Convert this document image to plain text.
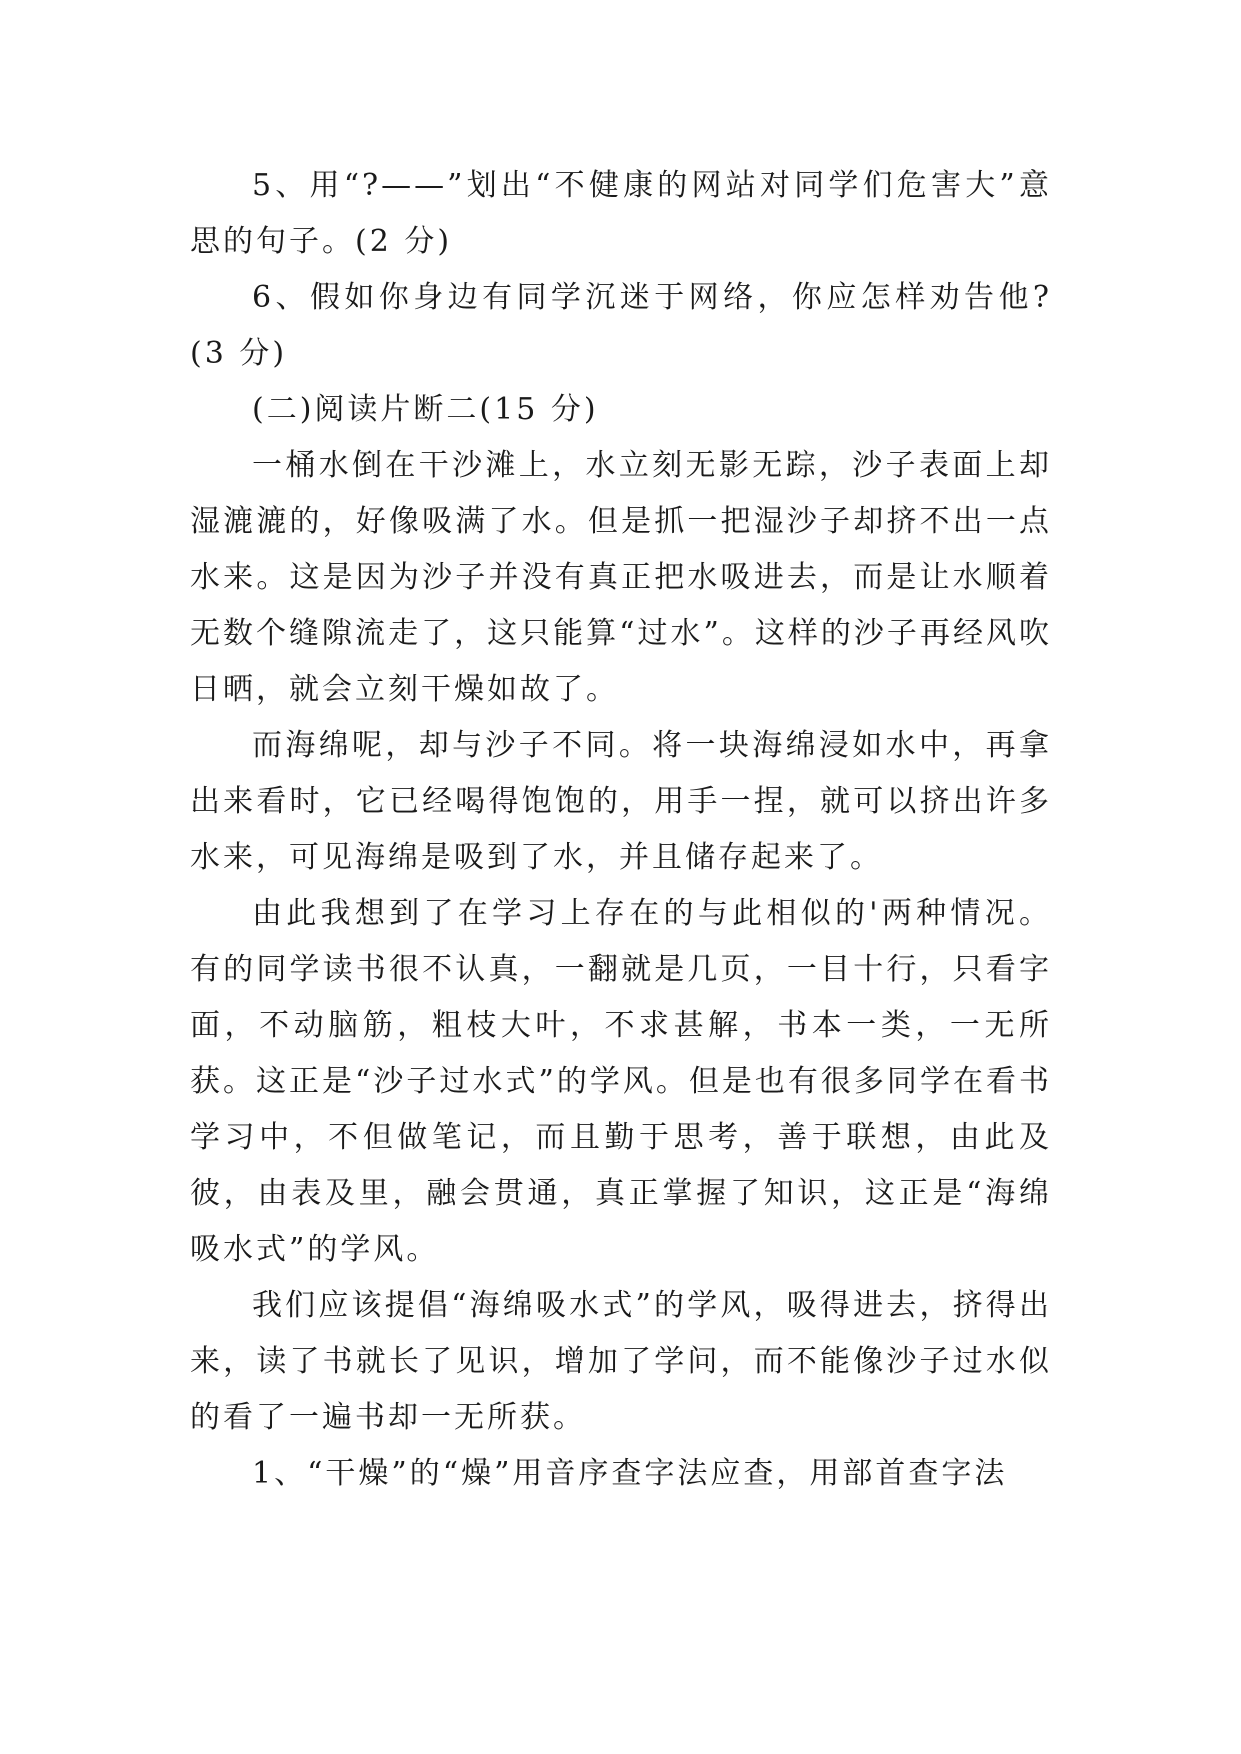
5、用“?——”划出“不健康的网站对同学们危害大”意思的句子。(2 分)

6、假如你身边有同学沉迷于网络，你应怎样劝告他?(3 分)

(二)阅读片断二(15 分)

一桶水倒在干沙滩上，水立刻无影无踪，沙子表面上却湿漉漉的，好像吸满了水。但是抓一把湿沙子却挤不出一点水来。这是因为沙子并没有真正把水吸进去，而是让水顺着无数个缝隙流走了，这只能算“过水”。这样的沙子再经风吹日晒，就会立刻干燥如故了。

而海绵呢，却与沙子不同。将一块海绵浸如水中，再拿出来看时，它已经喝得饱饱的，用手一捏，就可以挤出许多水来，可见海绵是吸到了水，并且储存起来了。

由此我想到了在学习上存在的与此相似的'两种情况。有的同学读书很不认真，一翻就是几页，一目十行，只看字面，不动脑筋，粗枝大叶，不求甚解，书本一类，一无所获。这正是“沙子过水式”的学风。但是也有很多同学在看书学习中，不但做笔记，而且勤于思考，善于联想，由此及彼，由表及里，融会贯通，真正掌握了知识，这正是“海绵吸水式”的学风。

我们应该提倡“海绵吸水式”的学风，吸得进去，挤得出来，读了书就长了见识，增加了学问，而不能像沙子过水似的看了一遍书却一无所获。

1、“干燥”的“燥”用音序查字法应查，用部首查字法
